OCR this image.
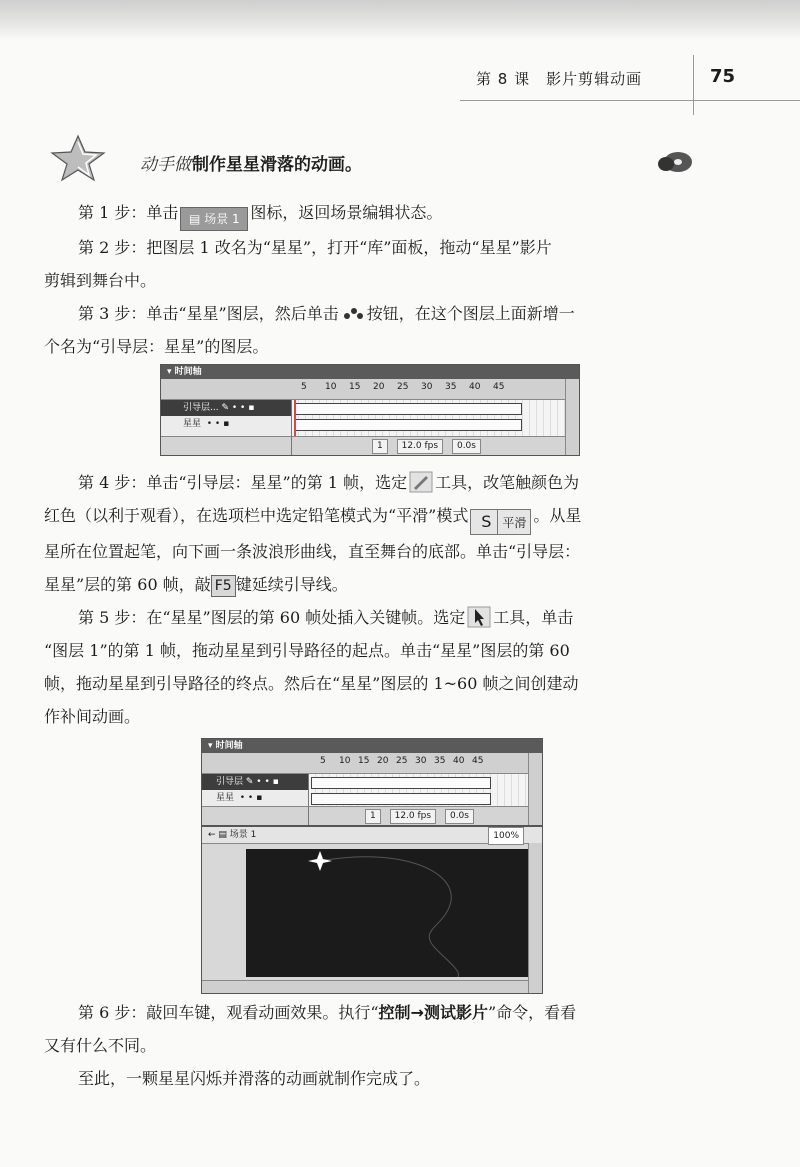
第 8 课　影片剪辑动画	75
动手做 制作星星滑落的动画。
第 1 步：单击 ▤ 场景 1 图标，返回场景编辑状态。
第 2 步：把图层 1 改名为“星星”，打开“库”面板，拖动“星星”影片
剪辑到舞台中。
第 3 步：单击“星星”图层，然后单击 按钮，在这个图层上面新增一
个名为“引导层：星星”的图层。
▾ 时间轴
5 10 15 20 25 30 35 40 45
引导层... ✎ • • ▪
星星  • • ▪
1 12.0 fps 0.0s
第 4 步：单击“引导层：星星”的第 1 帧，选定 工具，改笔触颜色为
红色（以利于观看），在选项栏中选定铅笔模式为“平滑”模式 S 平滑 。从星
星所在位置起笔，向下画一条波浪形曲线，直至舞台的底部。单击“引导层：
星星”层的第 60 帧，敲 F5 键延续引导线。
第 5 步：在“星星”图层的第 60 帧处插入关键帧。选定 工具，单击
“图层 1”的第 1 帧，拖动星星到引导路径的起点。单击“星星”图层的第 60
帧，拖动星星到引导路径的终点。然后在“星星”图层的 1~60 帧之间创建动
作补间动画。
▾ 时间轴
5 10 15 20 25 30 35 40 45
引导层 ✎ • • ▪
星星  • • ▪
1 12.0 fps 0.0s
← ▤ 场景 1	100%
第 6 步：敲回车键，观看动画效果。执行“控制→测试影片”命令，看看
又有什么不同。
至此，一颗星星闪烁并滑落的动画就制作完成了。
